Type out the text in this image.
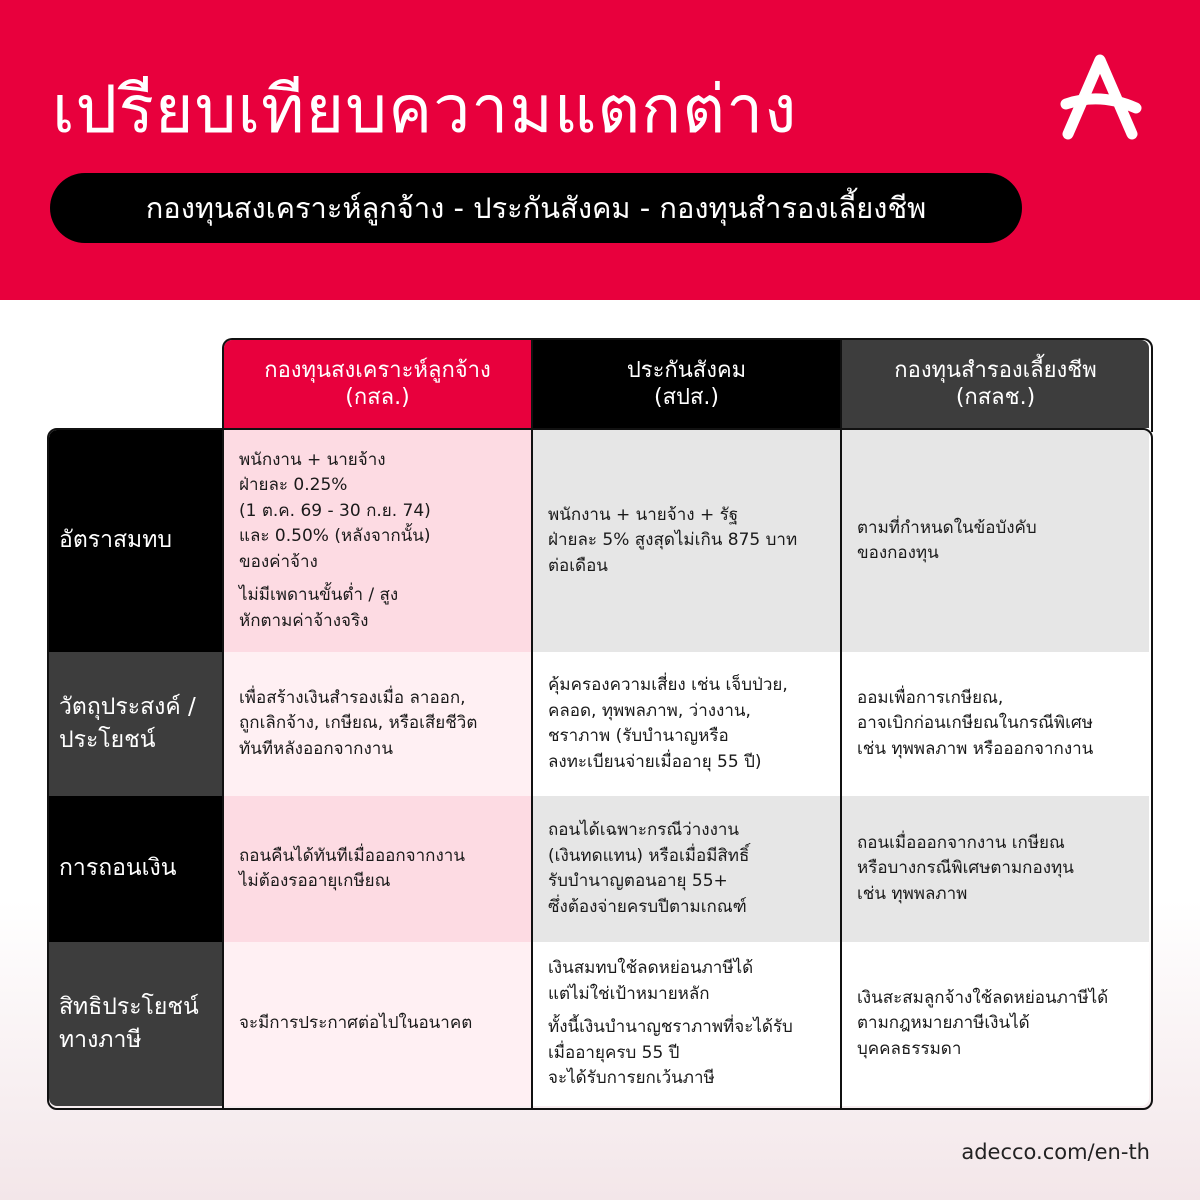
เปรียบเทียบความแตกต่าง
กองทุนสงเคราะห์ลูกจ้าง - ประกันสังคม - กองทุนสำรองเลี้ยงชีพ
กองทุนสงเคราะห์ลูกจ้าง
(กสล.)
ประกันสังคม
(สปส.)
กองทุนสำรองเลี้ยงชีพ
(กสลช.)
อัตราสมทบ

พนักงาน + นายจ้าง

ฝ่ายละ 0.25%

(1 ต.ค. 69 - 30 ก.ย. 74)

และ 0.50% (หลังจากนั้น)

ของค่าจ้าง

ไม่มีเพดานขั้นต่ำ / สูง

หักตามค่าจ้างจริง

พนักงาน + นายจ้าง + รัฐ

ฝ่ายละ 5% สูงสุดไม่เกิน 875 บาท

ต่อเดือน

ตามที่กำหนดในข้อบังคับ

ของกองทุน

วัตถุประสงค์ /
ประโยชน์

เพื่อสร้างเงินสำรองเมื่อ ลาออก,

ถูกเลิกจ้าง, เกษียณ, หรือเสียชีวิต

ทันทีหลังออกจากงาน

คุ้มครองความเสี่ยง เช่น เจ็บป่วย,

คลอด, ทุพพลภาพ, ว่างงาน,

ชราภาพ (รับบำนาญหรือ

ลงทะเบียนจ่ายเมื่ออายุ 55 ปี)

ออมเพื่อการเกษียณ,

อาจเบิกก่อนเกษียณในกรณีพิเศษ

เช่น ทุพพลภาพ หรือออกจากงาน

การถอนเงิน	ถอนคืนได้ทันทีเมื่อออกจากงาน

ไม่ต้องรออายุเกษียณ

ถอนได้เฉพาะกรณีว่างงาน

(เงินทดแทน) หรือเมื่อมีสิทธิ์

รับบำนาญตอนอายุ 55+

ซึ่งต้องจ่ายครบปีตามเกณฑ์

ถอนเมื่อออกจากงาน เกษียณ

หรือบางกรณีพิเศษตามกองทุน

เช่น ทุพพลภาพ

สิทธิประโยชน์
ทางภาษี

จะมีการประกาศต่อไปในอนาคต

เงินสมทบใช้ลดหย่อนภาษีได้

แต่ไม่ใช่เป้าหมายหลัก

ทั้งนี้เงินบำนาญชราภาพที่จะได้รับ

เมื่ออายุครบ 55 ปี

จะได้รับการยกเว้นภาษี

เงินสะสมลูกจ้างใช้ลดหย่อนภาษีได้

ตามกฎหมายภาษีเงินได้

บุคคลธรรมดา

adecco.com/en-th
